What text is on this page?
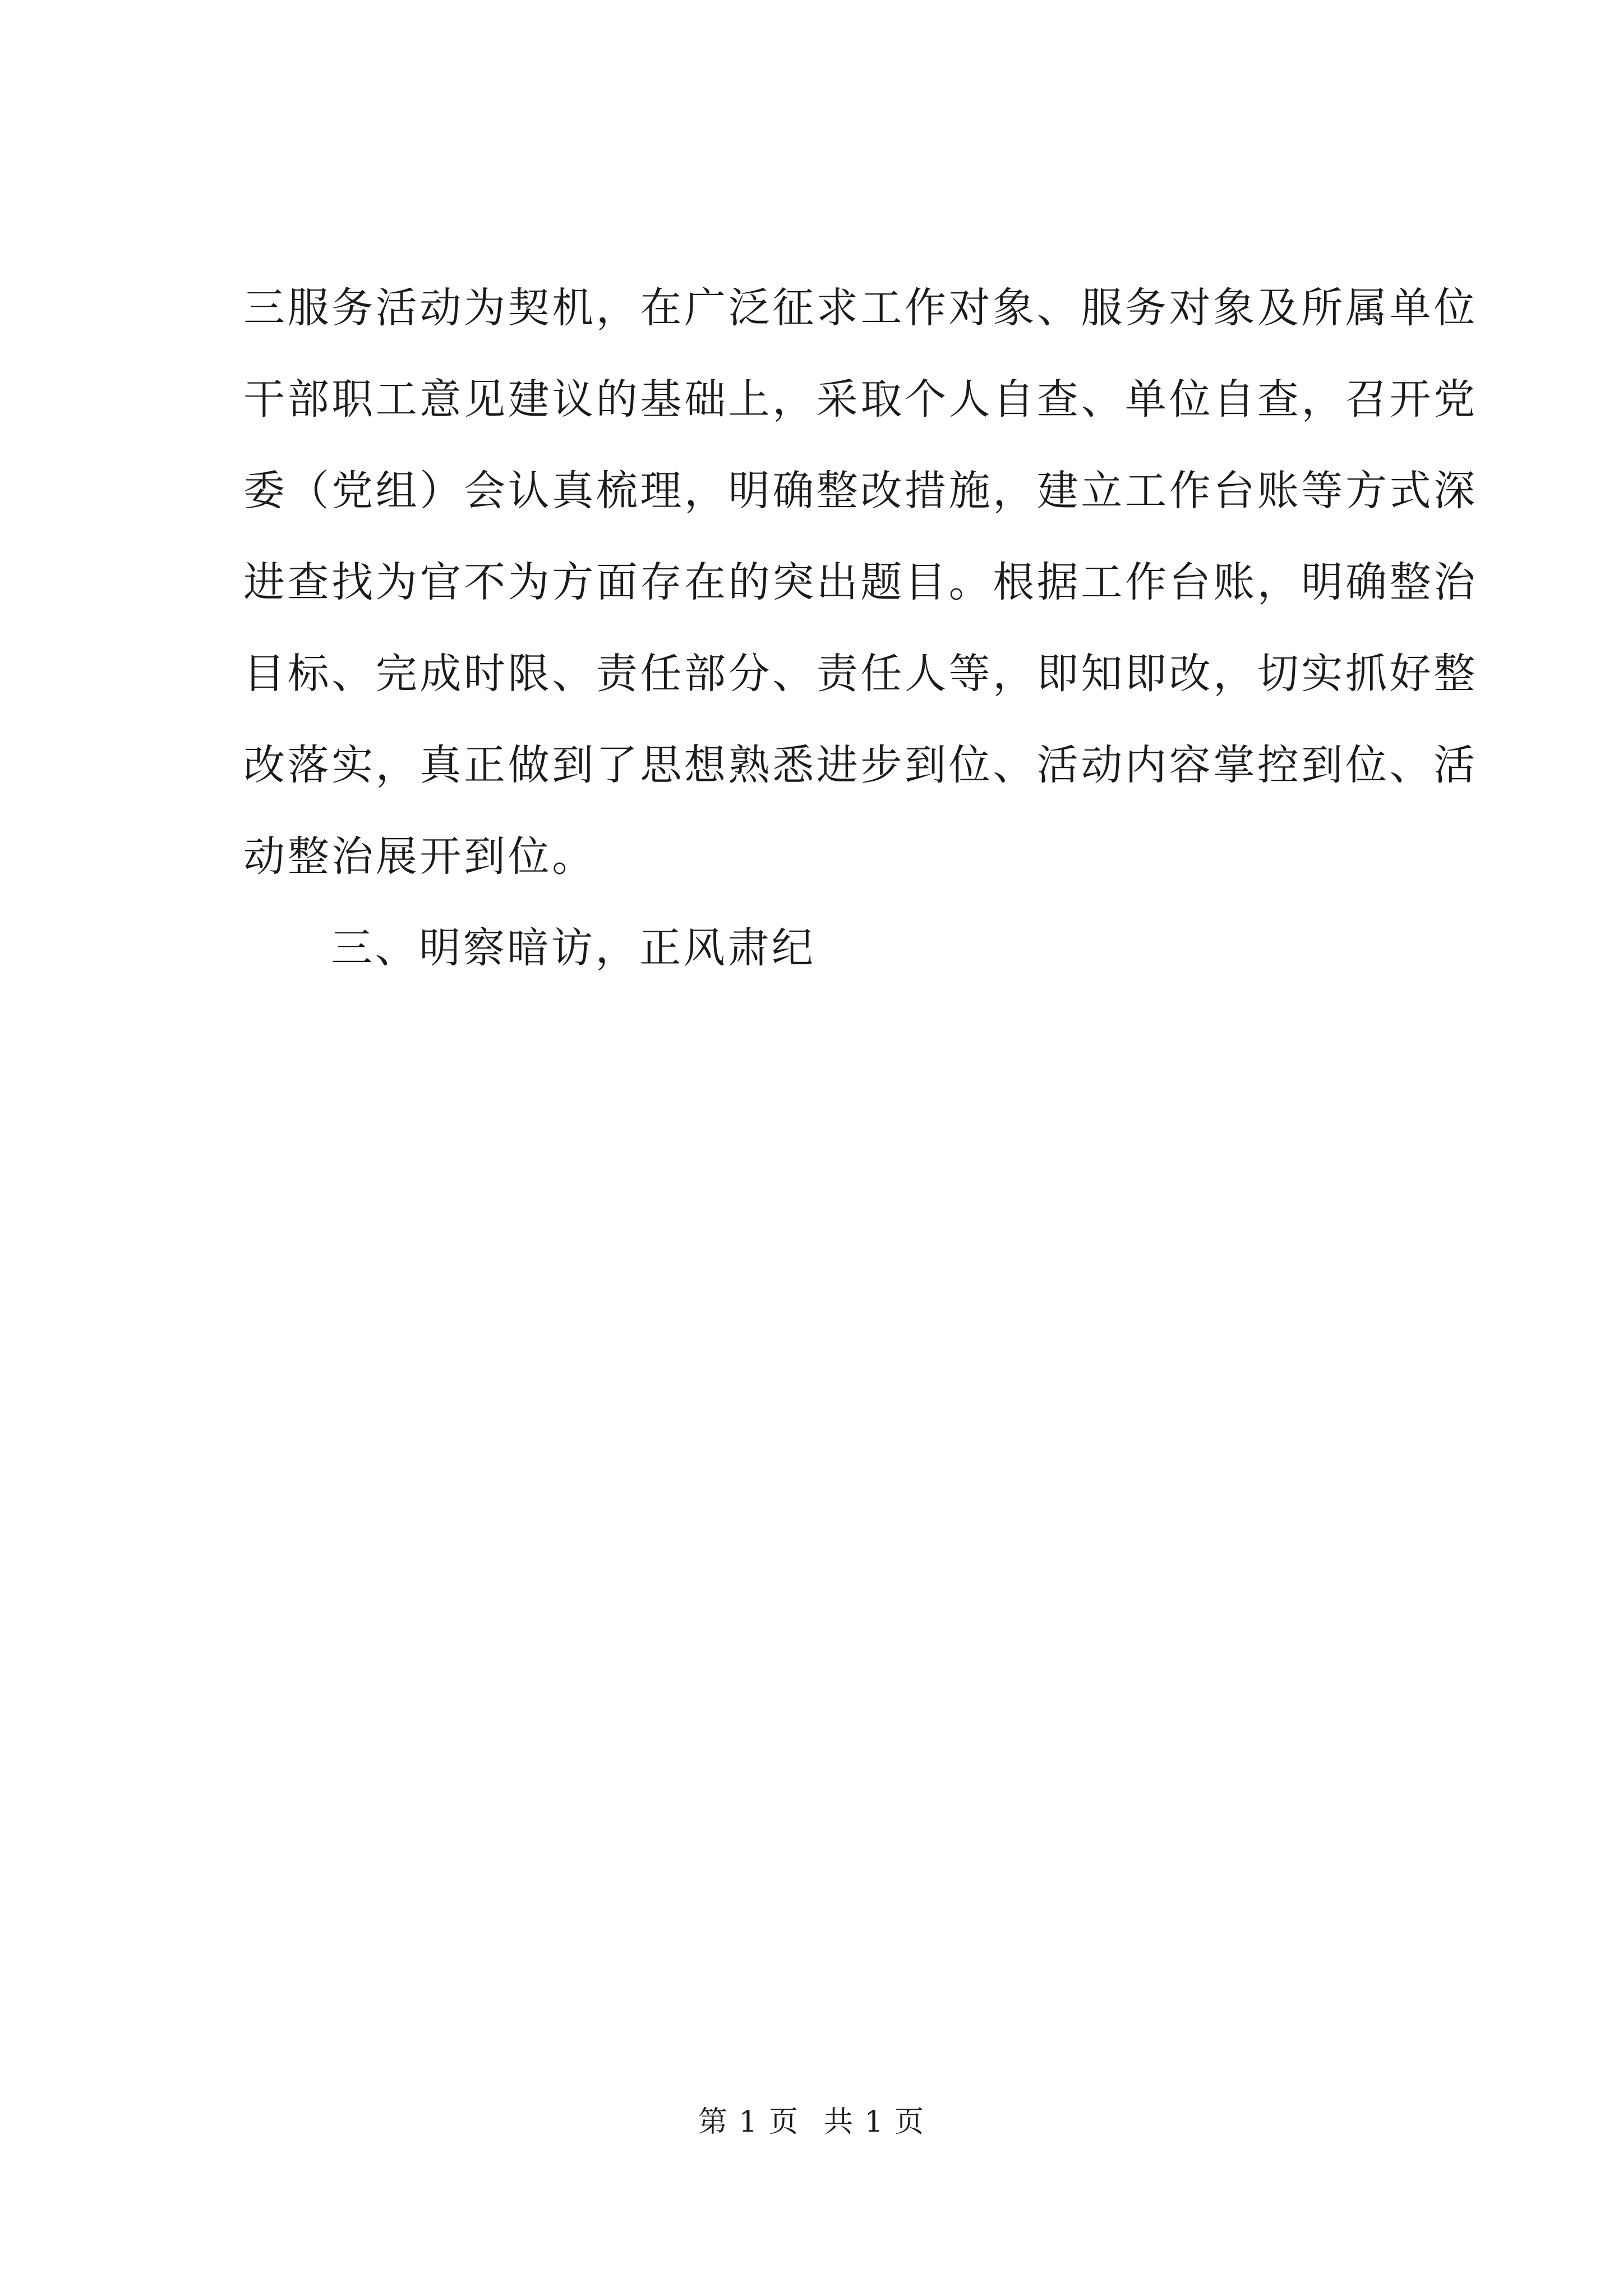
三服务活动为契机，在广泛征求工作对象、服务对象及所属单位
干部职工意见建议的基础上，采取个人自查、单位自查，召开党
委（党组）会认真梳理，明确整改措施，建立工作台账等方式深
进查找为官不为方面存在的突出题目。根据工作台账，明确整治
目标、完成时限、责任部分、责任人等，即知即改，切实抓好整
改落实，真正做到了思想熟悉进步到位、活动内容掌控到位、活
动整治展开到位。
三、明察暗访，正风肃纪
第 1 页 共 1 页
